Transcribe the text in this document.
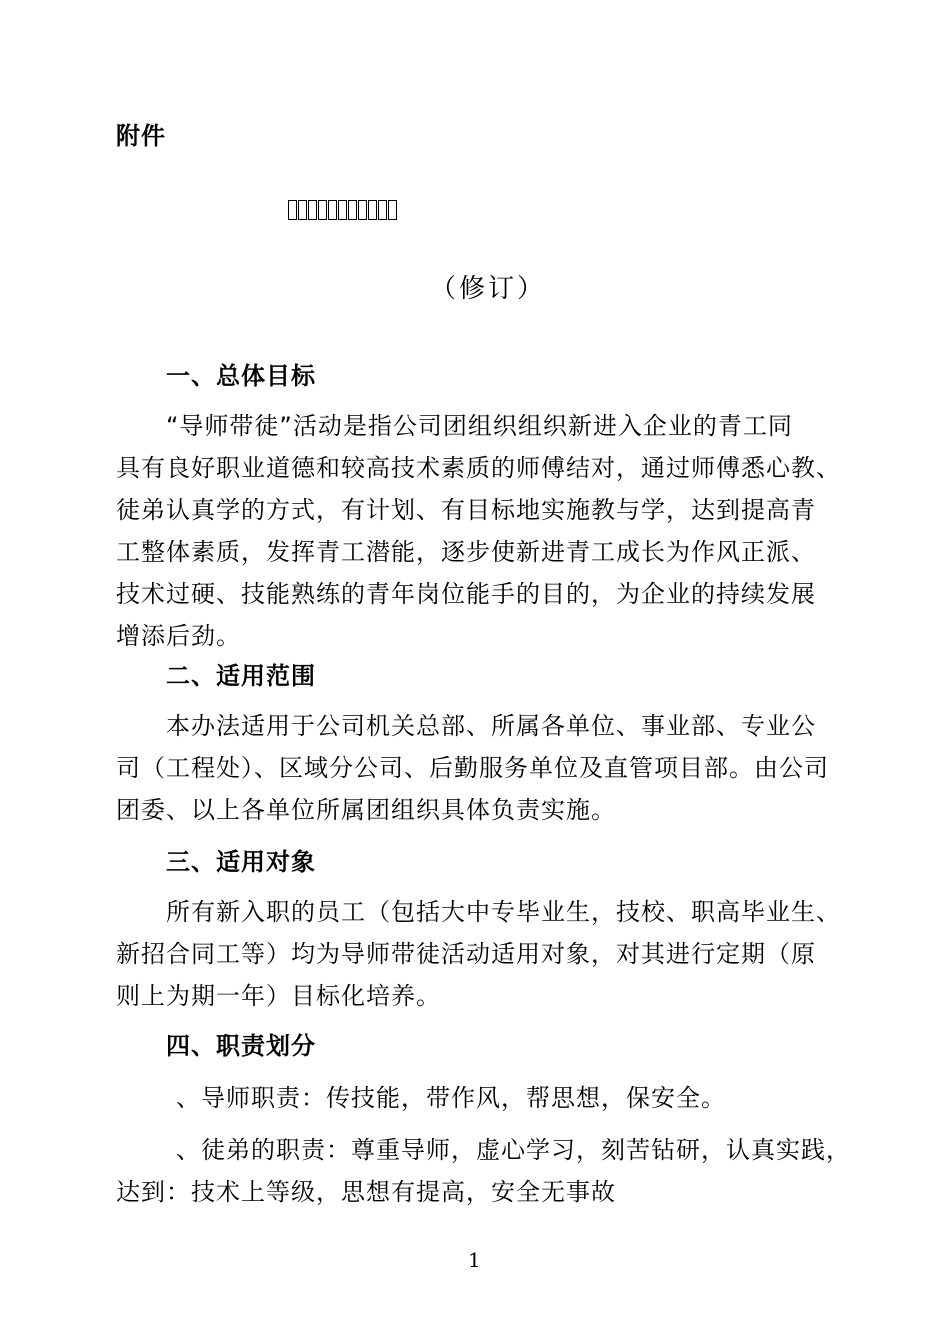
附件
（修订）
一、总体目标
“导师带徒”活动是指公司团组织组织新进入企业的青工同
具有良好职业道德和较高技术素质的师傅结对，通过师傅悉心教、
徒弟认真学的方式，有计划、有目标地实施教与学，达到提高青
工整体素质，发挥青工潜能，逐步使新进青工成长为作风正派、
技术过硬、技能熟练的青年岗位能手的目的，为企业的持续发展
增添后劲。
二、适用范围
本办法适用于公司机关总部、所属各单位、事业部、专业公
司（工程处）、区域分公司、后勤服务单位及直管项目部。由公司
团委、以上各单位所属团组织具体负责实施。
三、适用对象
所有新入职的员工（包括大中专毕业生，技校、职高毕业生、
新招合同工等）均为导师带徒活动适用对象，对其进行定期（原
则上为期一年）目标化培养。
四、职责划分
、导师职责：传技能，带作风，帮思想，保安全。
、徒弟的职责：尊重导师，虚心学习，刻苦钻研，认真实践，
达到：技术上等级，思想有提高，安全无事故
1
